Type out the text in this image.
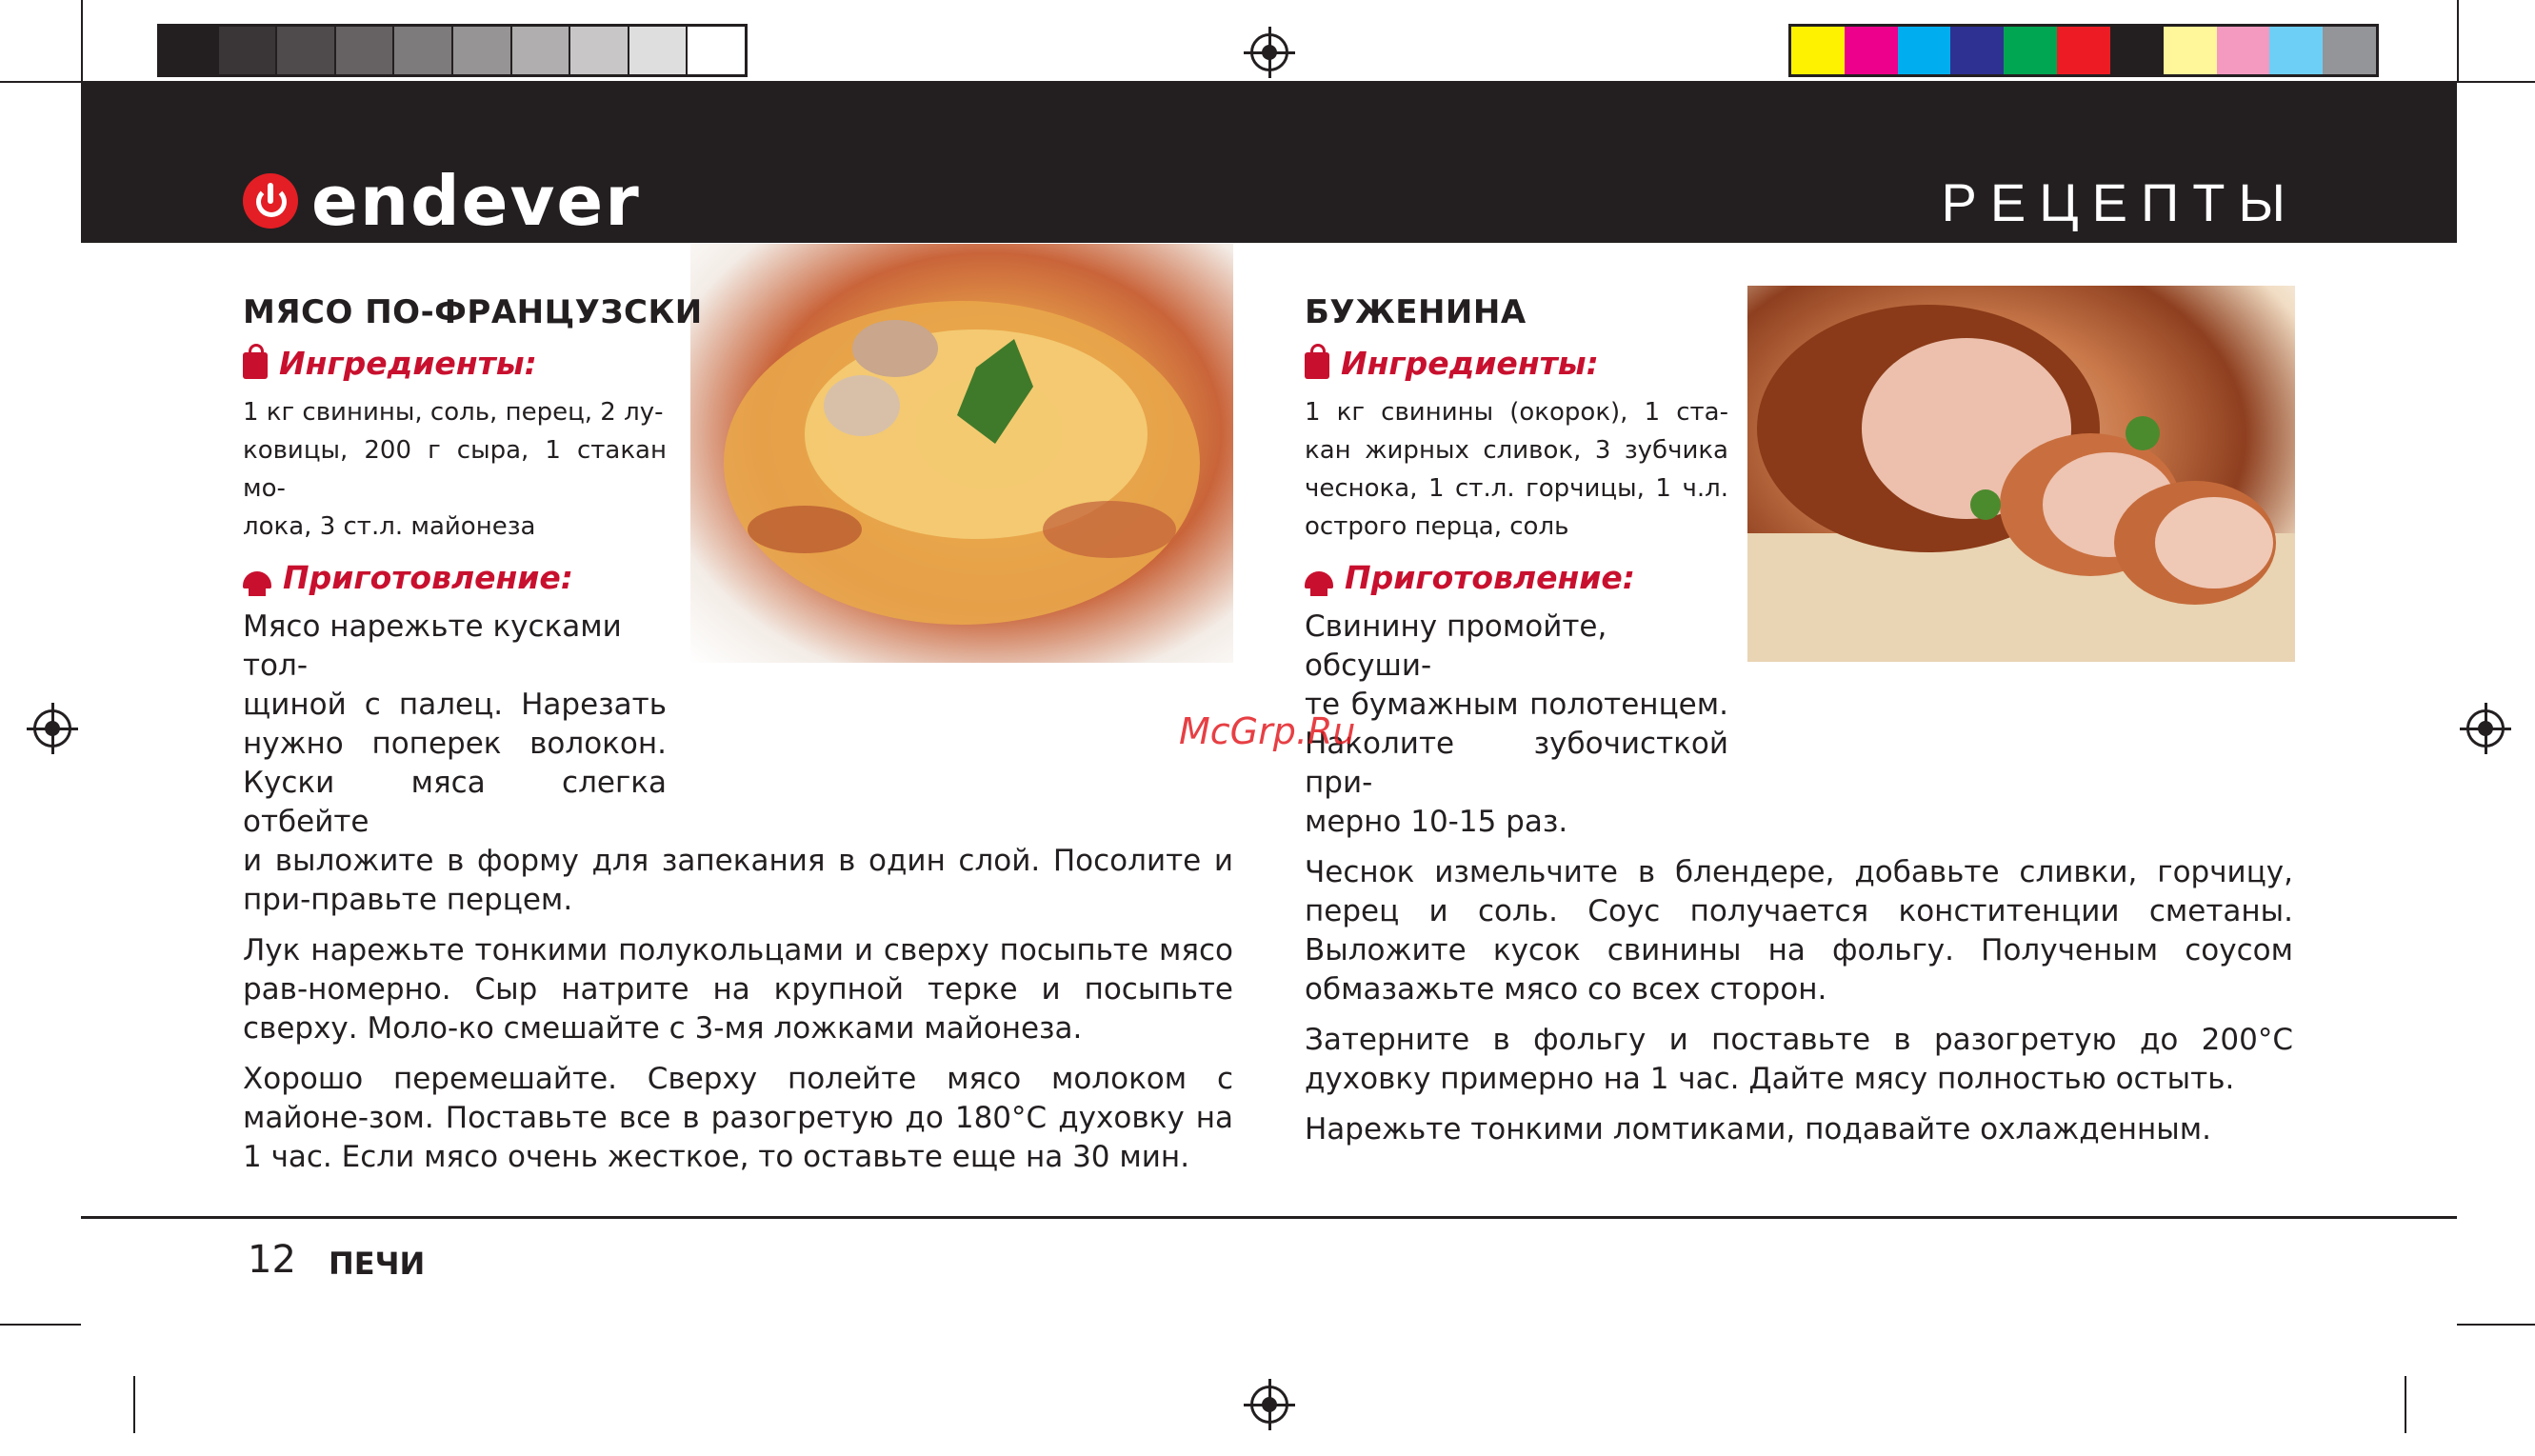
endever	РЕЦЕПТЫ
МЯСО ПО-ФРАНЦУЗСКИ
Ингредиенты:
1 кг свинины, соль, перец, 2 лу-
ковицы, 200 г сыра, 1 стакан мо-
лока, 3 ст.л. майонеза
Приготовление:
Мясо нарежьте кусками тол-
щиной с палец. Нарезать
нужно поперек волокон.
Куски мяса слегка отбейте

и выложите в форму для запекания в один слой. Посолите и при-правьте перцем.

Лук нарежьте тонкими полукольцами и сверху посыпьте мясо рав-номерно. Сыр натрите на крупной терке и посыпьте сверху. Моло-ко смешайте с 3-мя ложками майонеза.

Хорошо перемешайте. Сверху полейте мясо молоком с майоне-зом. Поставьте все в разогретую до 180°С духовку на 1 час. Если мясо очень жесткое, то оставьте еще на 30 мин.

БУЖЕНИНА
Ингредиенты:
1 кг свинины (окорок), 1 ста-
кан жирных сливок, 3 зубчика
чеснока, 1 ст.л. горчицы, 1 ч.л.
острого перца, соль
Приготовление:
Свинину промойте, обсуши-
те бумажным полотенцем.
Наколите зубочисткой при-
мерно 10-15 раз.

Чеснок измельчите в блендере, добавьте сливки, горчицу, перец и соль. Соус получается конститенции сметаны. Выложите кусок свинины на фольгу. Полученым соусом обмазажьте мясо со всех сторон.

Затерните в фольгу и поставьте в разогретую до 200°С духовку примерно на 1 час. Дайте мясу полностью остыть.

Нарежьте тонкими ломтиками, подавайте охлажденным.

McGrp.Ru
12 ПЕЧИ
